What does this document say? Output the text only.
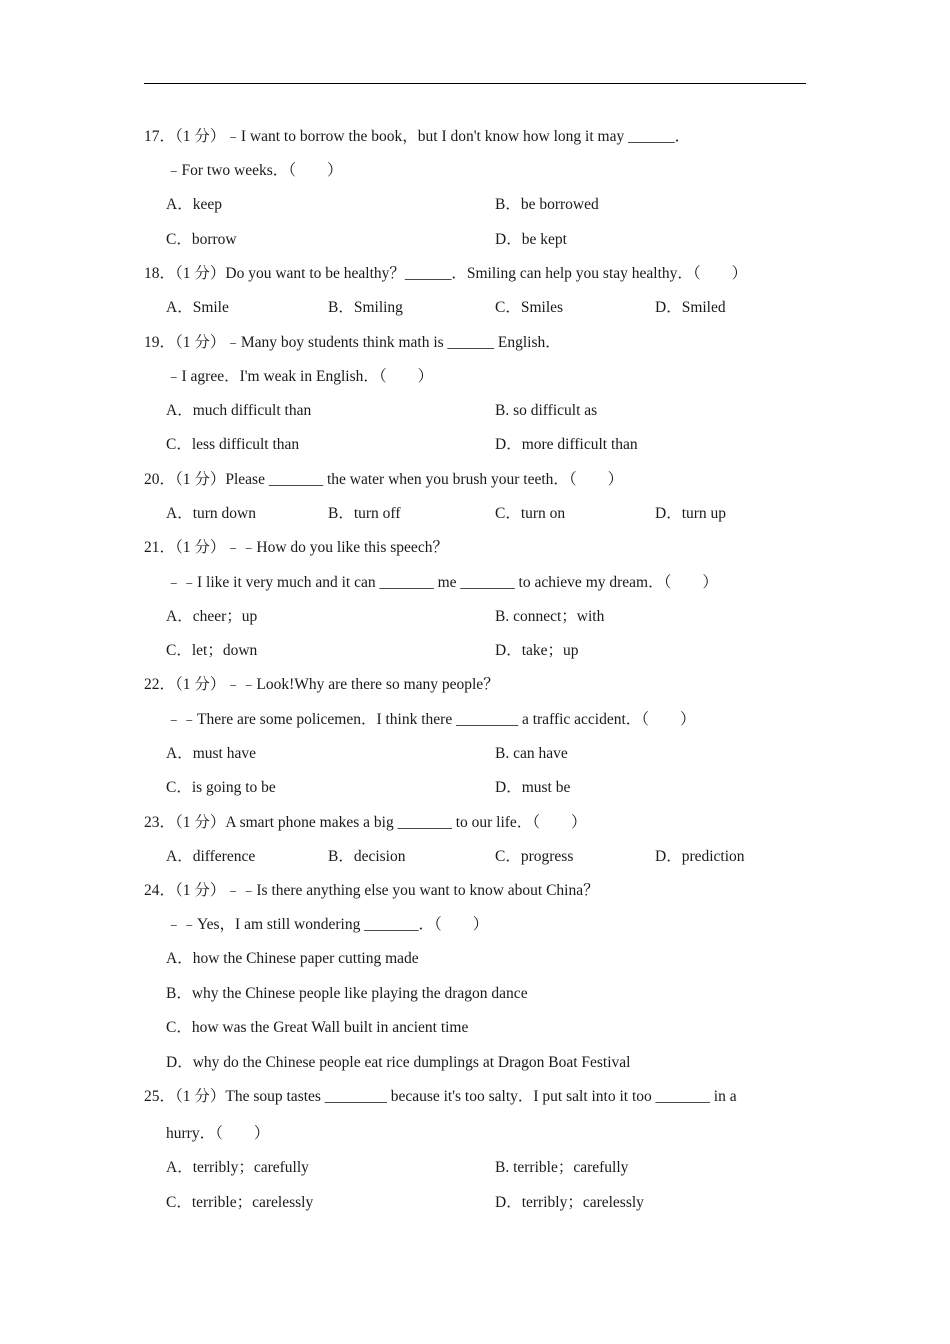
17．（1 分）﹣I want to borrow the book，but I don't know how long it may ______．
﹣For two weeks．（　　）
A．keep	B．be borrowed
C．borrow	D．be kept
18．（1 分）Do you want to be healthy？______．Smiling can help you stay healthy．（　　）
A．Smile	B．Smiling	C．Smiles	D．Smiled
19．（1 分）﹣Many boy students think math is ______ English．
﹣I agree．I'm weak in English．（　　）
A．much difficult than	B. so difficult as
C．less difficult than	D．more difficult than
20．（1 分）Please _______ the water when you brush your teeth．（　　）
A．turn down	B．turn off	C．turn on	D．turn up
21．（1 分）﹣﹣How do you like this speech？
﹣﹣I like it very much and it can _______ me _______ to achieve my dream．（　　）
A．cheer；up	B. connect；with
C．let；down	D．take；up
22．（1 分）﹣﹣Look!Why are there so many people？
﹣﹣There are some policemen．I think there ________ a traffic accident．（　　）
A．must have	B. can have
C．is going to be	D．must be
23．（1 分）A smart phone makes a big _______ to our life．（　　）
A．difference	B．decision	C．progress	D．prediction
24．（1 分）﹣﹣Is there anything else you want to know about China？
﹣﹣Yes，I am still wondering _______．（　　）
A．how the Chinese paper cutting made
B．why the Chinese people like playing the dragon dance
C．how was the Great Wall built in ancient time
D．why do the Chinese people eat rice dumplings at Dragon Boat Festival
25．（1 分）The soup tastes ________ because it's too salty．I put salt into it too _______ in a
hurry．（　　）
A．terribly；carefully	B. terrible；carefully
C．terrible；carelessly	D．terribly；carelessly
